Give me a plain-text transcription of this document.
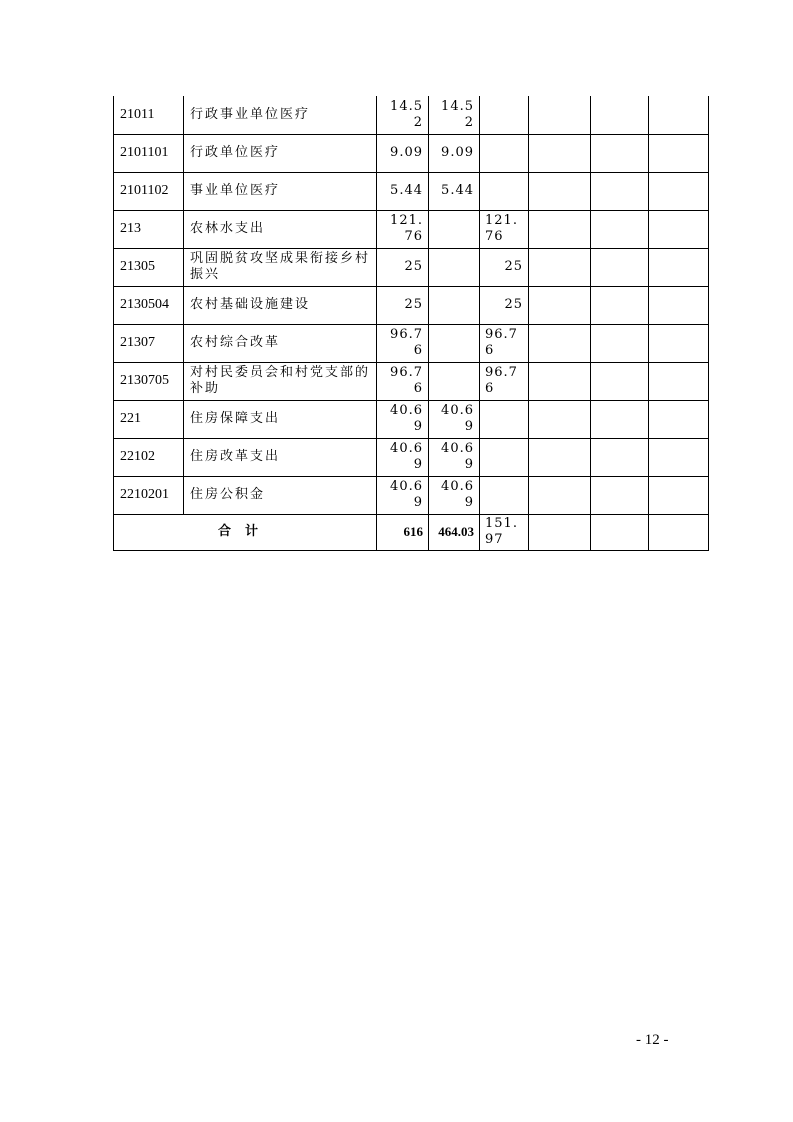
21011	行政事业单位医疗	14.52	14.52				
2101101	行政单位医疗	9.09	9.09				
2101102	事业单位医疗	5.44	5.44				
213	农林水支出	121.76		121.76			
21305	巩固脱贫攻坚成果衔接乡村振兴	25		25			
2130504	农村基础设施建设	25		25			
21307	农村综合改革	96.76		96.76			
2130705	对村民委员会和村党支部的补助	96.76		96.76			
221	住房保障支出	40.69	40.69				
22102	住房改革支出	40.69	40.69				
2210201	住房公积金	40.69	40.69				
合计		616	464.03	151.97			
- 12 -
